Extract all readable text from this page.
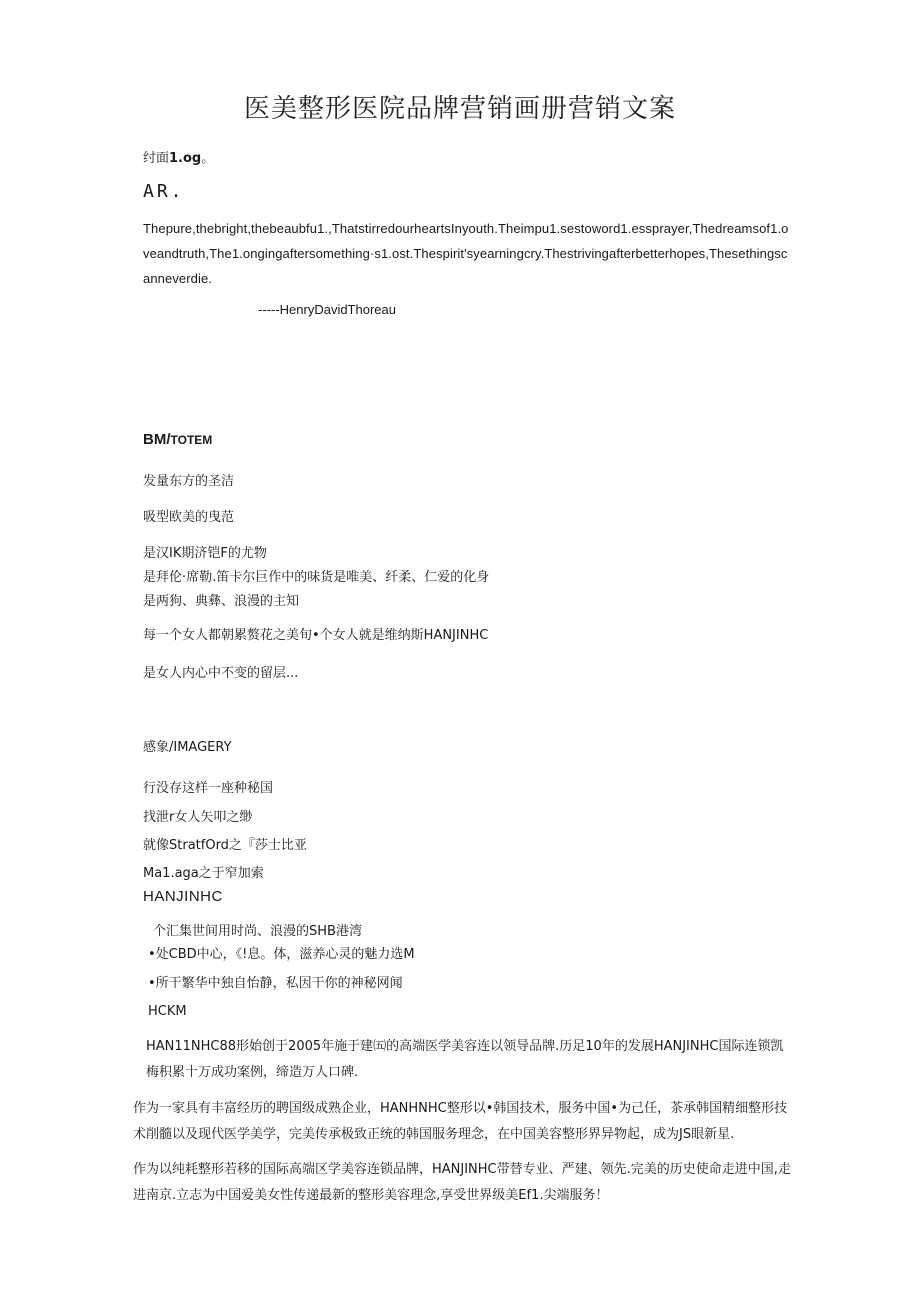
医美整形医院品牌营销画册营销文案
纣面1.og。
AR.
Thepure,thebright,thebeaubfu1.,ThatstirredourheartsInyouth.Theimpu1.sestoword1.essprayer,Thedreamsof1.oveandtruth,The1.ongingaftersomething·s1.ost.Thespirit'syearningcry.Thestrivingafterbetterhopes,Thesethingscanneverdie.
-----HenryDavidThoreau
BM/TOTEM
发量东方的圣洁
吸型欧美的曳范
是汉IK期济铠F的尤物
是拜伦·席勒.笛卡尔巨作中的味货是唯美、纤柔、仁爱的化身
是两狗、典彝、浪漫的主知
每一个女人都朝累赘花之美旬•个女人就是维纳斯HANJINHC
是女人内心中不变的留层...
感象/IMAGERY
行没存这样一座种秘国
找泄r女人矢叩之缈
就像StratfOrd之『莎士比亚
Ma1.aga之于窄加索
HANJINHC
个汇集世间用时尚、浪漫的SHB港湾
•处CBD中心，《!息。体，滋养心灵的魅力选M
•所干繁华中独自怡静，私因干你的神秘网闻
HCKM
HAN11NHC88形始创于2005年施于建㈤的高端医学美容连以领导品牌.历足10年的发展HANJINHC国际连锁凯梅积累十万成功案例，缔造万人口碑.
作为一家具有丰富经历的聘国级成熟企业，HANHNHC整形以•韩国技术，服务中国•为己任，茶承韩国精细整形技术削髓以及现代医学美学，完美传承极致正统的韩国服务理念，在中国美容整形界异物起，成为JS眼新星.
作为以纯耗整形若移的国际高端区学美容连锁品牌，HANJINHC带替专业、严建、领先.完美的历史使命走进中国,走进南京.立志为中国爱美女性传递最新的整形美容理念,享受世界级美Ef1.尖端服务！
